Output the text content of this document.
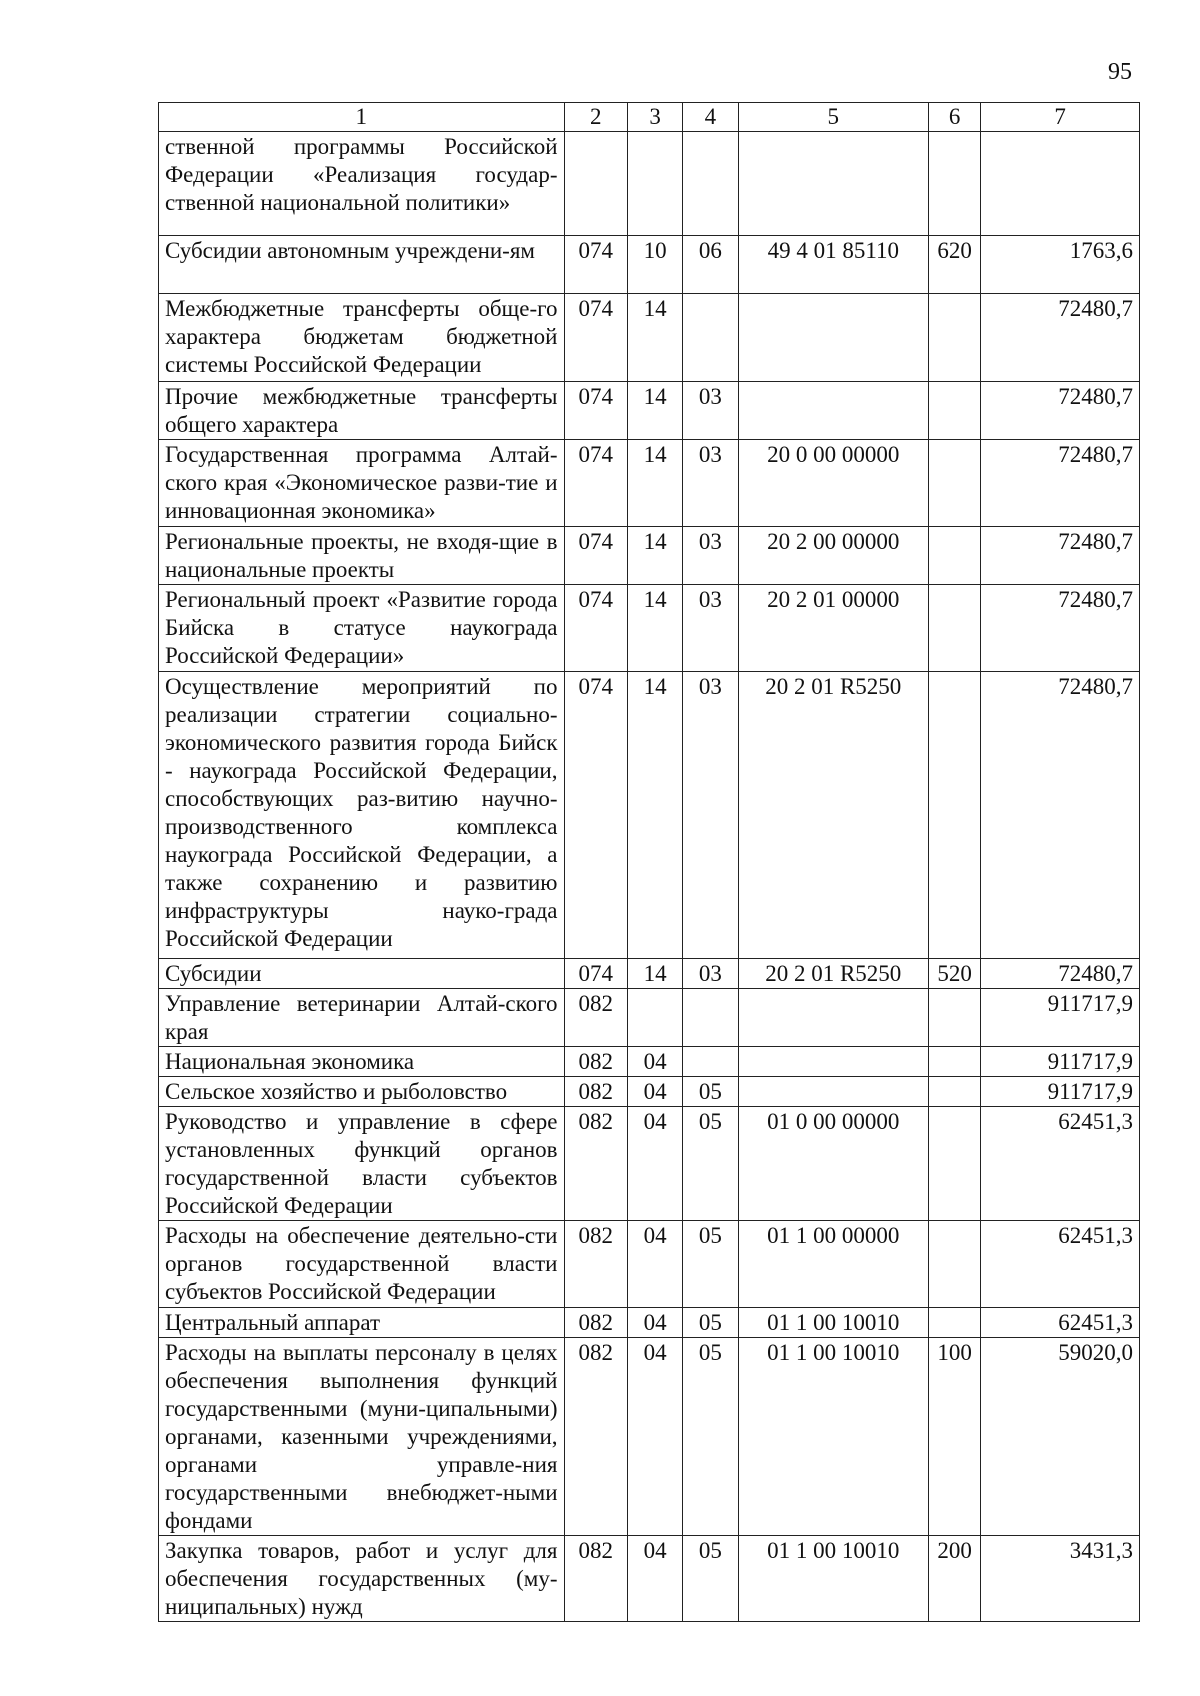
95
1	2	3	4	5	6	7
ственной программы Российской Федерации «Реализация государ-ственной национальной политики»						
Субсидии автономным учреждени-ям	074	10	06	49 4 01 85110	620	1763,6
Межбюджетные трансферты обще-го характера бюджетам бюджетной системы Российской Федерации	074	14				72480,7
Прочие межбюджетные трансферты общего характера	074	14	03			72480,7
Государственная программа Алтай-ского края «Экономическое разви-тие и инновационная экономика»	074	14	03	20 0 00 00000		72480,7
Региональные проекты, не входя-щие в национальные проекты	074	14	03	20 2 00 00000		72480,7
Региональный проект «Развитие города Бийска в статусе наукограда Российской Федерации»	074	14	03	20 2 01 00000		72480,7
Осуществление мероприятий по реализации стратегии социально-экономического развития города Бийск - наукограда Российской Федерации, способствующих раз-витию научно-производственного комплекса наукограда Российской Федерации, а также сохранению и развитию инфраструктуры науко-града Российской Федерации	074	14	03	20 2 01 R5250		72480,7
Субсидии	074	14	03	20 2 01 R5250	520	72480,7
Управление ветеринарии Алтай-ского края	082					911717,9
Национальная экономика	082	04				911717,9
Сельское хозяйство и рыболовство	082	04	05			911717,9
Руководство и управление в сфере установленных функций органов государственной власти субъектов Российской Федерации	082	04	05	01 0 00 00000		62451,3
Расходы на обеспечение деятельно-сти органов государственной власти субъектов Российской Федерации	082	04	05	01 1 00 00000		62451,3
Центральный аппарат	082	04	05	01 1 00 10010		62451,3
Расходы на выплаты персоналу в целях обеспечения выполнения функций государственными (муни-ципальными) органами, казенными учреждениями, органами управле-ния государственными внебюджет-ными фондами	082	04	05	01 1 00 10010	100	59020,0
Закупка товаров, работ и услуг для обеспечения государственных (му-ниципальных) нужд	082	04	05	01 1 00 10010	200	3431,3
